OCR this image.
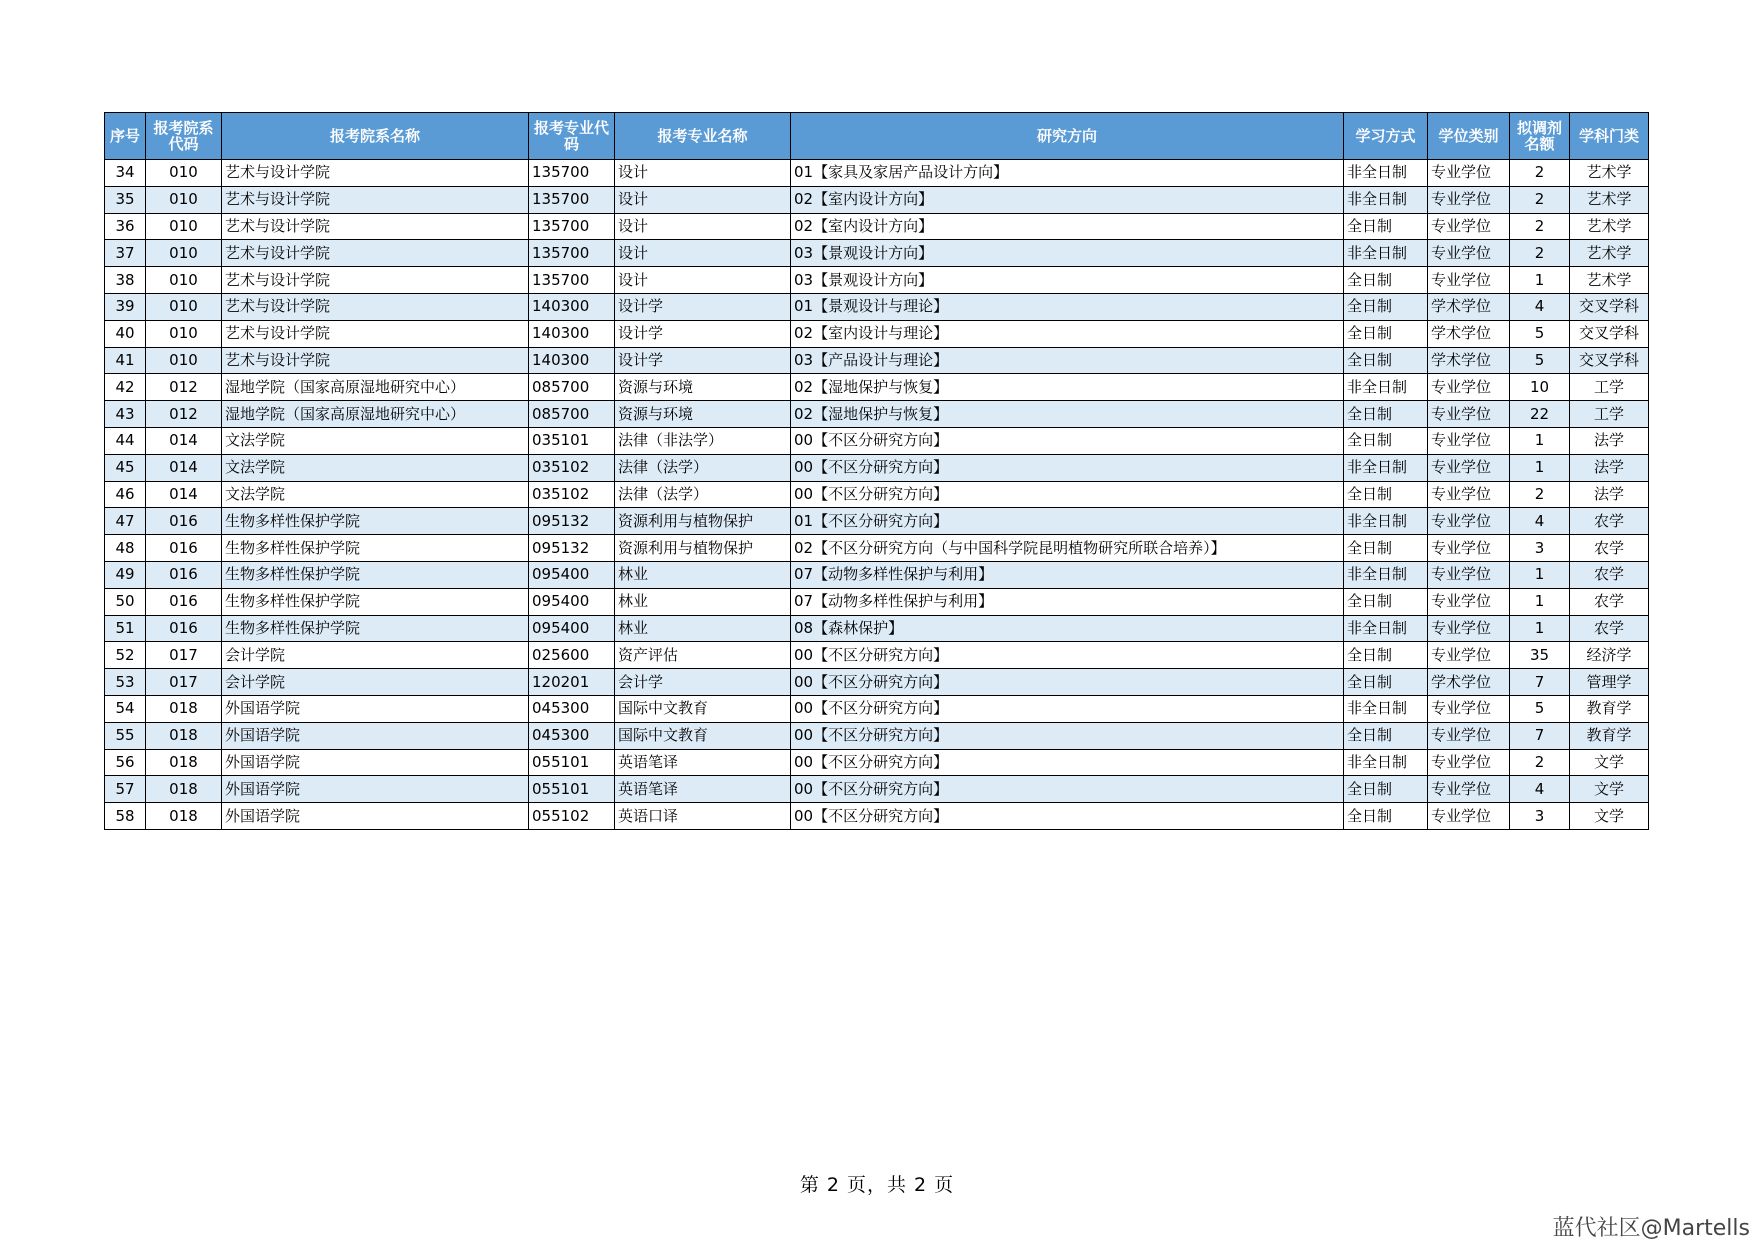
序号	报考院系代码	报考院系名称	报考专业代码	报考专业名称	研究方向	学习方式	学位类别	拟调剂名额	学科门类
34	010	艺术与设计学院	135700	设计	01【家具及家居产品设计方向】	非全日制	专业学位	2	艺术学
35	010	艺术与设计学院	135700	设计	02【室内设计方向】	非全日制	专业学位	2	艺术学
36	010	艺术与设计学院	135700	设计	02【室内设计方向】	全日制	专业学位	2	艺术学
37	010	艺术与设计学院	135700	设计	03【景观设计方向】	非全日制	专业学位	2	艺术学
38	010	艺术与设计学院	135700	设计	03【景观设计方向】	全日制	专业学位	1	艺术学
39	010	艺术与设计学院	140300	设计学	01【景观设计与理论】	全日制	学术学位	4	交叉学科
40	010	艺术与设计学院	140300	设计学	02【室内设计与理论】	全日制	学术学位	5	交叉学科
41	010	艺术与设计学院	140300	设计学	03【产品设计与理论】	全日制	学术学位	5	交叉学科
42	012	湿地学院（国家高原湿地研究中心）	085700	资源与环境	02【湿地保护与恢复】	非全日制	专业学位	10	工学
43	012	湿地学院（国家高原湿地研究中心）	085700	资源与环境	02【湿地保护与恢复】	全日制	专业学位	22	工学
44	014	文法学院	035101	法律（非法学）	00【不区分研究方向】	全日制	专业学位	1	法学
45	014	文法学院	035102	法律（法学）	00【不区分研究方向】	非全日制	专业学位	1	法学
46	014	文法学院	035102	法律（法学）	00【不区分研究方向】	全日制	专业学位	2	法学
47	016	生物多样性保护学院	095132	资源利用与植物保护	01【不区分研究方向】	非全日制	专业学位	4	农学
48	016	生物多样性保护学院	095132	资源利用与植物保护	02【不区分研究方向（与中国科学院昆明植物研究所联合培养）】	全日制	专业学位	3	农学
49	016	生物多样性保护学院	095400	林业	07【动物多样性保护与利用】	非全日制	专业学位	1	农学
50	016	生物多样性保护学院	095400	林业	07【动物多样性保护与利用】	全日制	专业学位	1	农学
51	016	生物多样性保护学院	095400	林业	08【森林保护】	非全日制	专业学位	1	农学
52	017	会计学院	025600	资产评估	00【不区分研究方向】	全日制	专业学位	35	经济学
53	017	会计学院	120201	会计学	00【不区分研究方向】	全日制	学术学位	7	管理学
54	018	外国语学院	045300	国际中文教育	00【不区分研究方向】	非全日制	专业学位	5	教育学
55	018	外国语学院	045300	国际中文教育	00【不区分研究方向】	全日制	专业学位	7	教育学
56	018	外国语学院	055101	英语笔译	00【不区分研究方向】	非全日制	专业学位	2	文学
57	018	外国语学院	055101	英语笔译	00【不区分研究方向】	全日制	专业学位	4	文学
58	018	外国语学院	055102	英语口译	00【不区分研究方向】	全日制	专业学位	3	文学
第 2 页，共 2 页
蓝代社区@Martells
